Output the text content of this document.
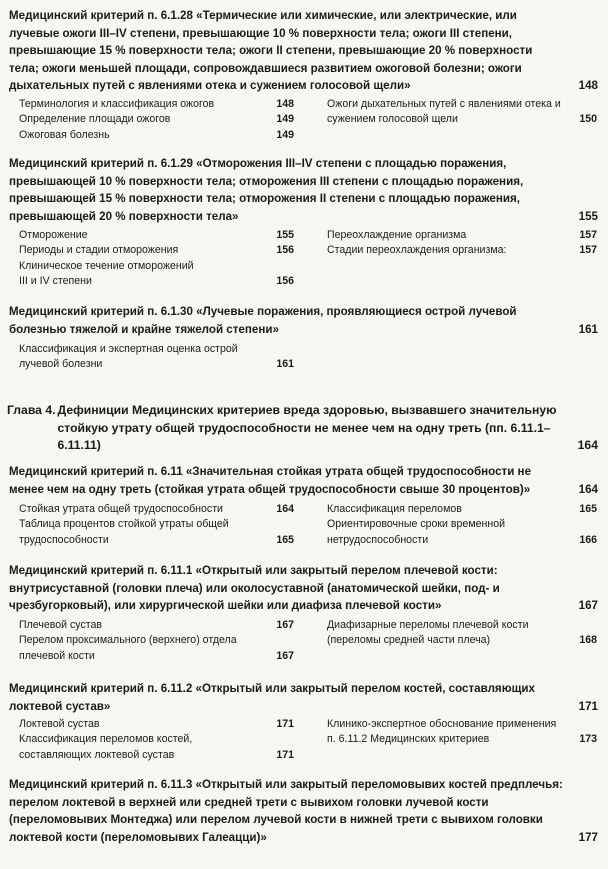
Медицинский критерий п. 6.1.28 «Термические или химические, или электрические, или лучевые ожоги III–IV степени, превышающие 10 % поверхности тела; ожоги III степени, превышающие 15 % поверхности тела; ожоги II степени, превышающие 20 % поверхности тела; ожоги меньшей площади, сопровождавшиеся развитием ожоговой болезни; ожоги дыхательных путей с явлениями отека и сужением голосовой щели»	148
Терминология и классификация ожогов	148
Определение площади ожогов	149
Ожоговая болезнь	149
Ожоги дыхательных путей с явлениями отека и сужением голосовой щели	150
Медицинский критерий п. 6.1.29 «Отморожения III–IV степени с площадью поражения, превышающей 10 % поверхности тела; отморожения III степени с площадью поражения, превышающей 15 % поверхности тела; отморожения II степени с площадью поражения, превышающей 20 % поверхности тела»	155
Отморожение	155
Периоды и стадии отморожения	156
Клиническое течение отморожений III и IV степени	156
Переохлаждение организма	157
Стадии переохлаждения организма:	157
Медицинский критерий п. 6.1.30 «Лучевые поражения, проявляющиеся острой лучевой болезнью тяжелой и крайне тяжелой степени»	161
Классификация и экспертная оценка острой лучевой болезни	161
Глава 4. Дефиниции Медицинских критериев вреда здоровью, вызвавшего значительную стойкую утрату общей трудоспособности не менее чем на одну треть (пп. 6.11.1–6.11.11)	164
Медицинский критерий п. 6.11 «Значительная стойкая утрата общей трудоспособности не менее чем на одну треть (стойкая утрата общей трудоспособности свыше 30 процентов)»	164
Стойкая утрата общей трудоспособности	164
Таблица процентов стойкой утраты общей трудоспособности	165
Классификация переломов	165
Ориентировочные сроки временной нетрудоспособности	166
Медицинский критерий п. 6.11.1 «Открытый или закрытый перелом плечевой кости: внутрисуставной (головки плеча) или околосуставной (анатомической шейки, под- и чрезбугорковый), или хирургической шейки или диафиза плечевой кости»	167
Плечевой сустав	167
Перелом проксимального (верхнего) отдела плечевой кости	167
Диафизарные переломы плечевой кости (переломы средней части плеча)	168
Медицинский критерий п. 6.11.2 «Открытый или закрытый перелом костей, составляющих локтевой сустав»	171
Локтевой сустав	171
Классификация переломов костей, составляющих локтевой сустав	171
Клинико-экспертное обоснование применения п. 6.11.2 Медицинских критериев	173
Медицинский критерий п. 6.11.3 «Открытый или закрытый переломовывих костей предплечья: перелом локтевой в верхней или средней трети с вывихом головки лучевой кости (переломовывих Монтеджа) или перелом лучевой кости в нижней трети с вывихом головки локтевой кости (переломовывих Галеацци)»	177
